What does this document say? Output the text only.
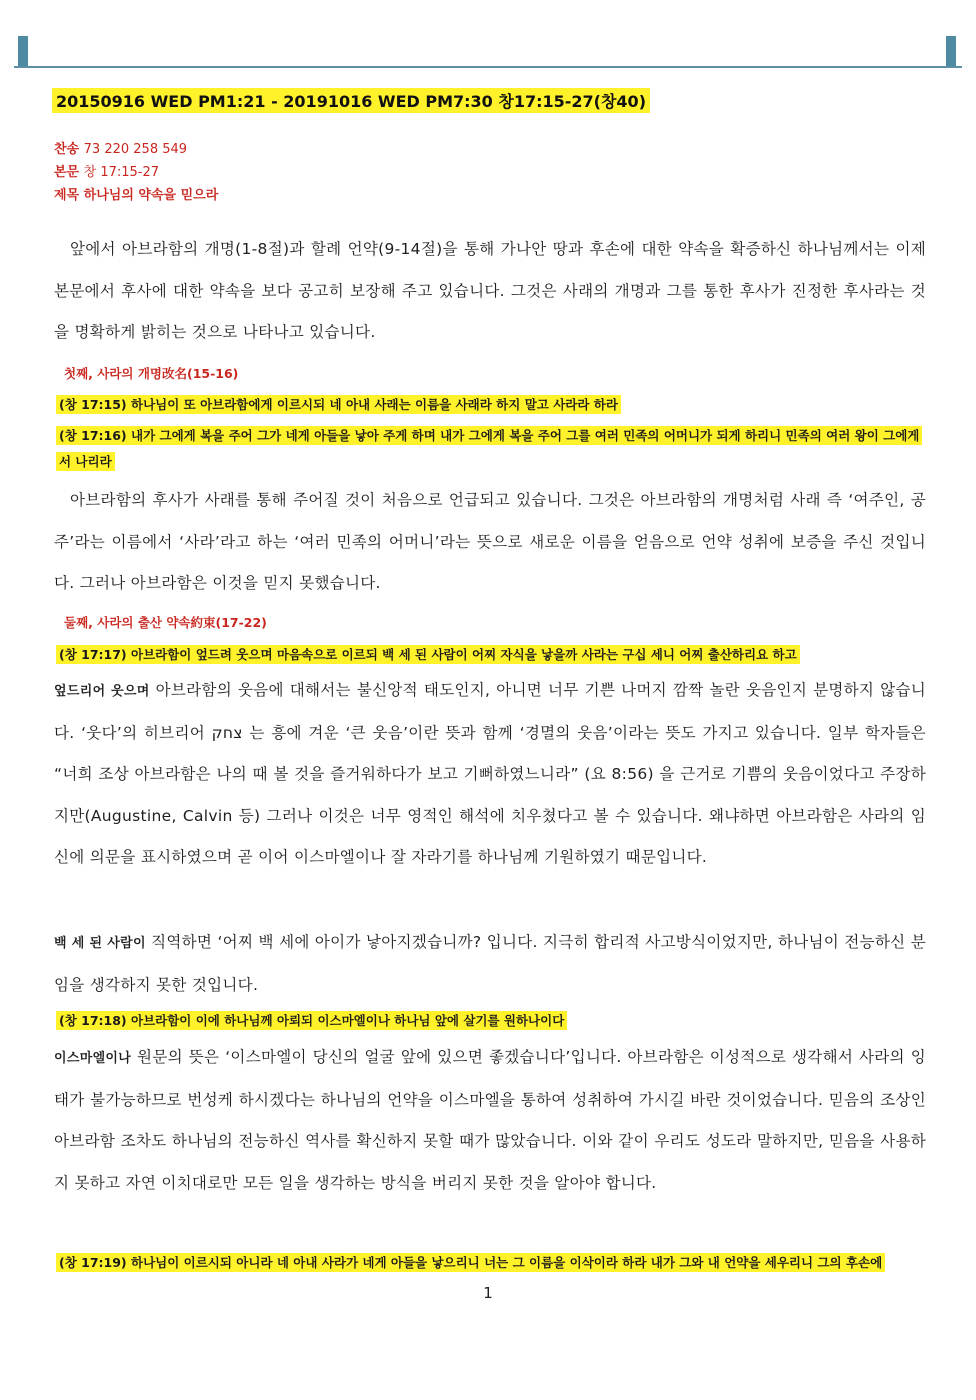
20150916 WED PM1:21 - 20191016 WED PM7:30 창17:15-27(창40)
찬송 73 220 258 549
본문 창 17:15-27
제목 하나님의 약속을 믿으라

앞에서 아브라함의 개명(1-8절)과 할례 언약(9-14절)을 통해 가나안 땅과 후손에 대한 약속을 확증하신 하나님께서는 이제 본문에서 후사에 대한 약속을 보다 공고히 보장해 주고 있습니다. 그것은 사래의 개명과 그를 통한 후사가 진정한 후사라는 것을 명확하게 밝히는 것으로 나타나고 있습니다.

첫째, 사라의 개명改名(15-16)

(창 17:15) 하나님이 또 아브라함에게 이르시되 네 아내 사래는 이름을 사래라 하지 말고 사라라 하라

(창 17:16) 내가 그에게 복을 주어 그가 네게 아들을 낳아 주게 하며 내가 그에게 복을 주어 그를 여러 민족의 어머니가 되게 하리니 민족의 여러 왕이 그에게서 나리라

아브라함의 후사가 사래를 통해 주어질 것이 처음으로 언급되고 있습니다. 그것은 아브라함의 개명처럼 사래 즉 ‘여주인, 공주’라는 이름에서 ‘사라’라고 하는 ‘여러 민족의 어머니’라는 뜻으로 새로운 이름을 얻음으로 언약 성취에 보증을 주신 것입니다. 그러나 아브라함은 이것을 믿지 못했습니다.

둘째, 사라의 출산 약속約束(17-22)

(창 17:17) 아브라함이 엎드려 웃으며 마음속으로 이르되 백 세 된 사람이 어찌 자식을 낳을까 사라는 구십 세니 어찌 출산하리요 하고

엎드리어 웃으며 아브라함의 웃음에 대해서는 불신앙적 태도인지, 아니면 너무 기쁜 나머지 깜짝 놀란 웃음인지 분명하지 않습니다. ‘웃다’의 히브리어 צחק 는 흥에 겨운 ‘큰 웃음’이란 뜻과 함께 ‘경멸의 웃음’이라는 뜻도 가지고 있습니다. 일부 학자들은 “너희 조상 아브라함은 나의 때 볼 것을 즐거워하다가 보고 기뻐하였느니라” (요 8:56) 을 근거로 기쁨의 웃음이었다고 주장하지만(Augustine, Calvin 등) 그러나 이것은 너무 영적인 해석에 치우쳤다고 볼 수 있습니다. 왜냐하면 아브라함은 사라의 임신에 의문을 표시하였으며 곧 이어 이스마엘이나 잘 자라기를 하나님께 기원하였기 때문입니다.

백 세 된 사람이 직역하면 ‘어찌 백 세에 아이가 낳아지겠습니까? 입니다. 지극히 합리적 사고방식이었지만, 하나님이 전능하신 분임을 생각하지 못한 것입니다.

(창 17:18) 아브라함이 이에 하나님께 아뢰되 이스마엘이나 하나님 앞에 살기를 원하나이다

이스마엘이나 원문의 뜻은 ‘이스마엘이 당신의 얼굴 앞에 있으면 좋겠습니다’입니다. 아브라함은 이성적으로 생각해서 사라의 잉태가 불가능하므로 번성케 하시겠다는 하나님의 언약을 이스마엘을 통하여 성취하여 가시길 바란 것이었습니다. 믿음의 조상인 아브라함 조차도 하나님의 전능하신 역사를 확신하지 못할 때가 많았습니다. 이와 같이 우리도 성도라 말하지만, 믿음을 사용하지 못하고 자연 이치대로만 모든 일을 생각하는 방식을 버리지 못한 것을 알아야 합니다.

(창 17:19) 하나님이 이르시되 아니라 네 아내 사라가 네게 아들을 낳으리니 너는 그 이름을 이삭이라 하라 내가 그와 내 언약을 세우리니 그의 후손에

1
